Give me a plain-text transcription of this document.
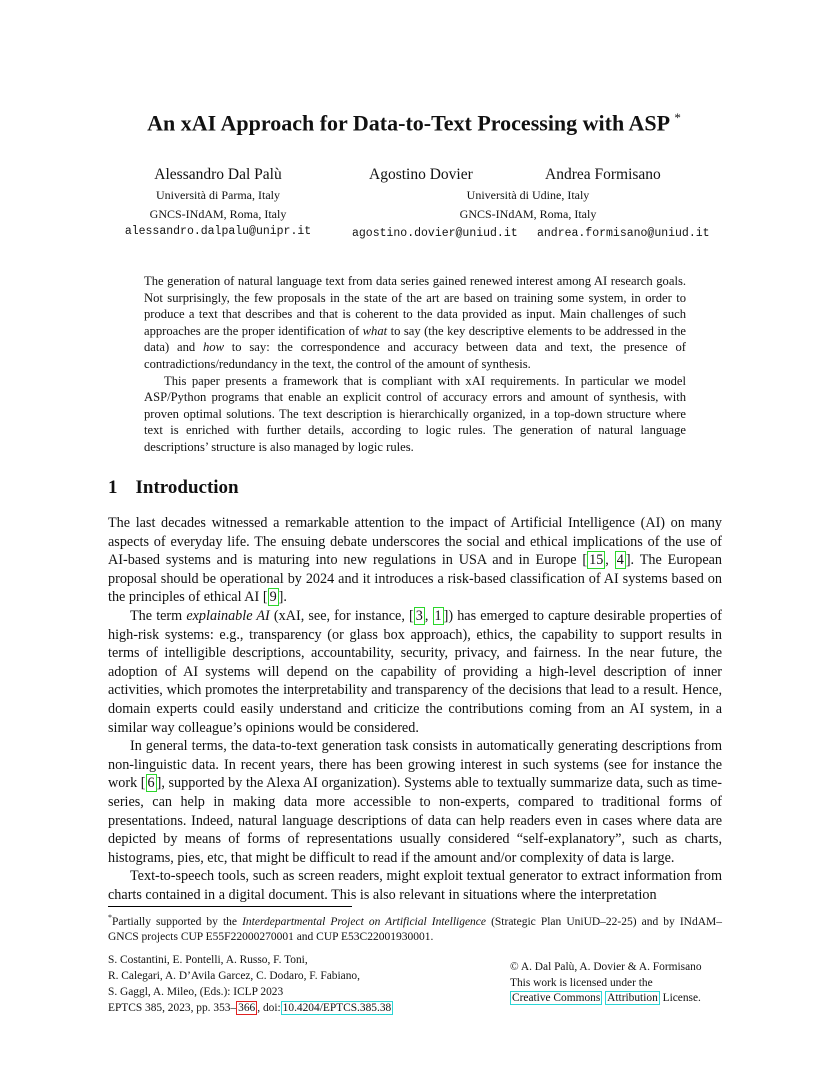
An xAI Approach for Data-to-Text Processing with ASP *
Alessandro Dal Palù
Università di Parma, Italy
GNCS-INdAM, Roma, Italy
alessandro.dalpalu@unipr.it
Agostino Dovier	Andrea Formisano
Università di Udine, Italy
GNCS-INdAM, Roma, Italy
agostino.dovier@uniud.it andrea.formisano@uniud.it

The generation of natural language text from data series gained renewed interest among AI research goals. Not surprisingly, the few proposals in the state of the art are based on training some system, in order to produce a text that describes and that is coherent to the data provided as input. Main challenges of such approaches are the proper identification of what to say (the key descriptive elements to be addressed in the data) and how to say: the correspondence and accuracy between data and text, the presence of contradictions/redundancy in the text, the control of the amount of synthesis.

This paper presents a framework that is compliant with xAI requirements. In particular we model ASP/Python programs that enable an explicit control of accuracy errors and amount of synthesis, with proven optimal solutions. The text description is hierarchically organized, in a top-down structure where text is enriched with further details, according to logic rules. The generation of natural language descriptions’ structure is also managed by logic rules.

1 Introduction

The last decades witnessed a remarkable attention to the impact of Artificial Intelligence (AI) on many aspects of everyday life. The ensuing debate underscores the social and ethical implications of the use of AI-based systems and is maturing into new regulations in USA and in Europe [ 15 , 4 ]. The European proposal should be operational by 2024 and it introduces a risk-based classification of AI systems based on the principles of ethical AI [ 9 ].

The term explainable AI (xAI, see, for instance, [ 3 , 1 ]) has emerged to capture desirable properties of high-risk systems: e.g., transparency (or glass box approach), ethics, the capability to support results in terms of intelligible descriptions, accountability, security, privacy, and fairness. In the near future, the adoption of AI systems will depend on the capability of providing a high-level description of inner activities, which promotes the interpretability and transparency of the decisions that lead to a result. Hence, domain experts could easily understand and criticize the contributions coming from an AI system, in a similar way colleague’s opinions would be considered.

In general terms, the data-to-text generation task consists in automatically generating descriptions from non-linguistic data. In recent years, there has been growing interest in such systems (see for instance the work [ 6 ], supported by the Alexa AI organization). Systems able to textually summarize data, such as time-series, can help in making data more accessible to non-experts, compared to traditional forms of presentations. Indeed, natural language descriptions of data can help readers even in cases where data are depicted by means of forms of representations usually considered “self-explanatory”, such as charts, histograms, pies, etc, that might be difficult to read if the amount and/or complexity of data is large.

Text-to-speech tools, such as screen readers, might exploit textual generator to extract information from charts contained in a digital document. This is also relevant in situations where the interpretation

*Partially supported by the Interdepartmental Project on Artificial Intelligence (Strategic Plan UniUD–22-25) and by INdAM–GNCS projects CUP E55F22000270001 and CUP E53C22001930001.
S. Costantini, E. Pontelli, A. Russo, F. Toni,
R. Calegari, A. D’Avila Garcez, C. Dodaro, F. Fabiano,
S. Gaggl, A. Mileo, (Eds.): ICLP 2023
EPTCS 385, 2023, pp. 353– 366 , doi: 10.4204/EPTCS.385.38
© A. Dal Palù, A. Dovier & A. Formisano
This work is licensed under the
Creative Commons Attribution License.
